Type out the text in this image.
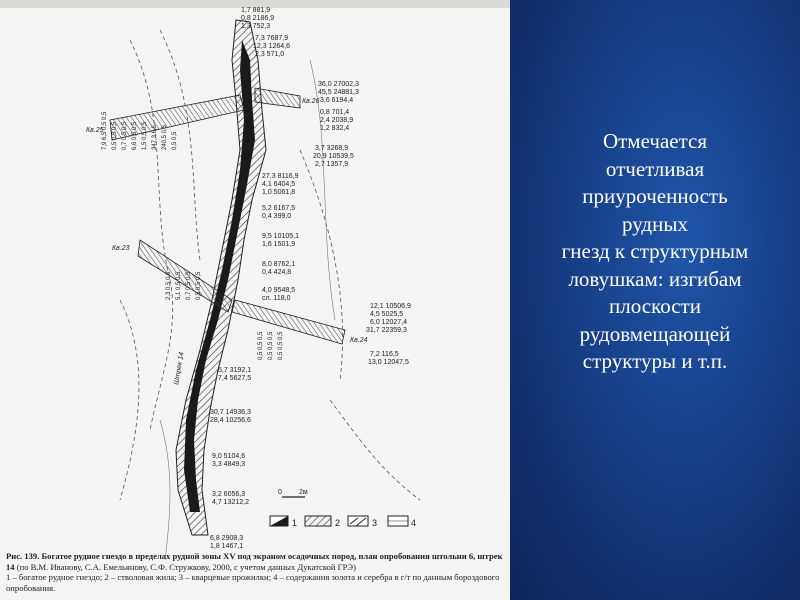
7,9 6,5 0,5 0,5 0,5 0,5 0,5 0,7 0,5 0,5 6,6 0,5 0,5 1,5 0,5 0,5 347,3 6,5 240,5 0,5 0,5 0,5
2,3 0,5 0,5 5,1 0,5 0,5 0,7 0,5 0,5 0,5 0,5 0,5
0,5 0,5 0,5 0,5 0,5 0,5 0,5 0,5 0,5
1,7 881,9
0,8 2186,9
1,3 752,3
7,3 7687,9
12,3 1264,6
2,3 571,0
36,0 27002,3
45,5 24881,3
3,6 6194,4
0,8 701,4
2,4 2038,9
1,2 832,4
3,7 3268,9
20,9 10539,5
2,7 1357,9
27,3 8116,9
4,1 6404,5
1,0 5061,8
5,2 6167,5
0,4 399,0
9,5 10105,1
1,6 1501,9
8,0 8762,1
0,4 424,8
4,0 9548,5
сл. 118,0
12,1 10506,9
4,5 5025,5
6,0 12027,4
31,7 22359,3
7,2 116,5
13,0 12047,5
5,7 3192,1
7,4 5627,5
30,7 14936,3
28,4 10256,6
9,0 5104,6
3,3 4849,3
3,2 6056,3
4,7 13212,2
6,8 2908,3
1,8 1467,1
Кв.25
Кв.23
Кв.26
Кв.24
Штрек 14
0 2м
1	2	3	4

Рис. 139. Богатое рудное гнездо в пределах рудной зоны XV под экраном осадочных пород, план опробования штольни 6, штрек 14 (по В.М. Иванову, С.А. Емельянову, С.Ф. Стружкову, 2000, с учетом данных Дукатской ГРЭ)

1 – богатое рудное гнездо; 2 – стволовая жила; 3 – кварцевые прожилки; 4 – содержания золота и серебра в г/т по данным бороздового опробования.

Отмечается
отчетливая
приуроченность
рудных
гнезд к структурным
ловушкам: изгибам
плоскости
рудовмещающей
структуры и т.п.
